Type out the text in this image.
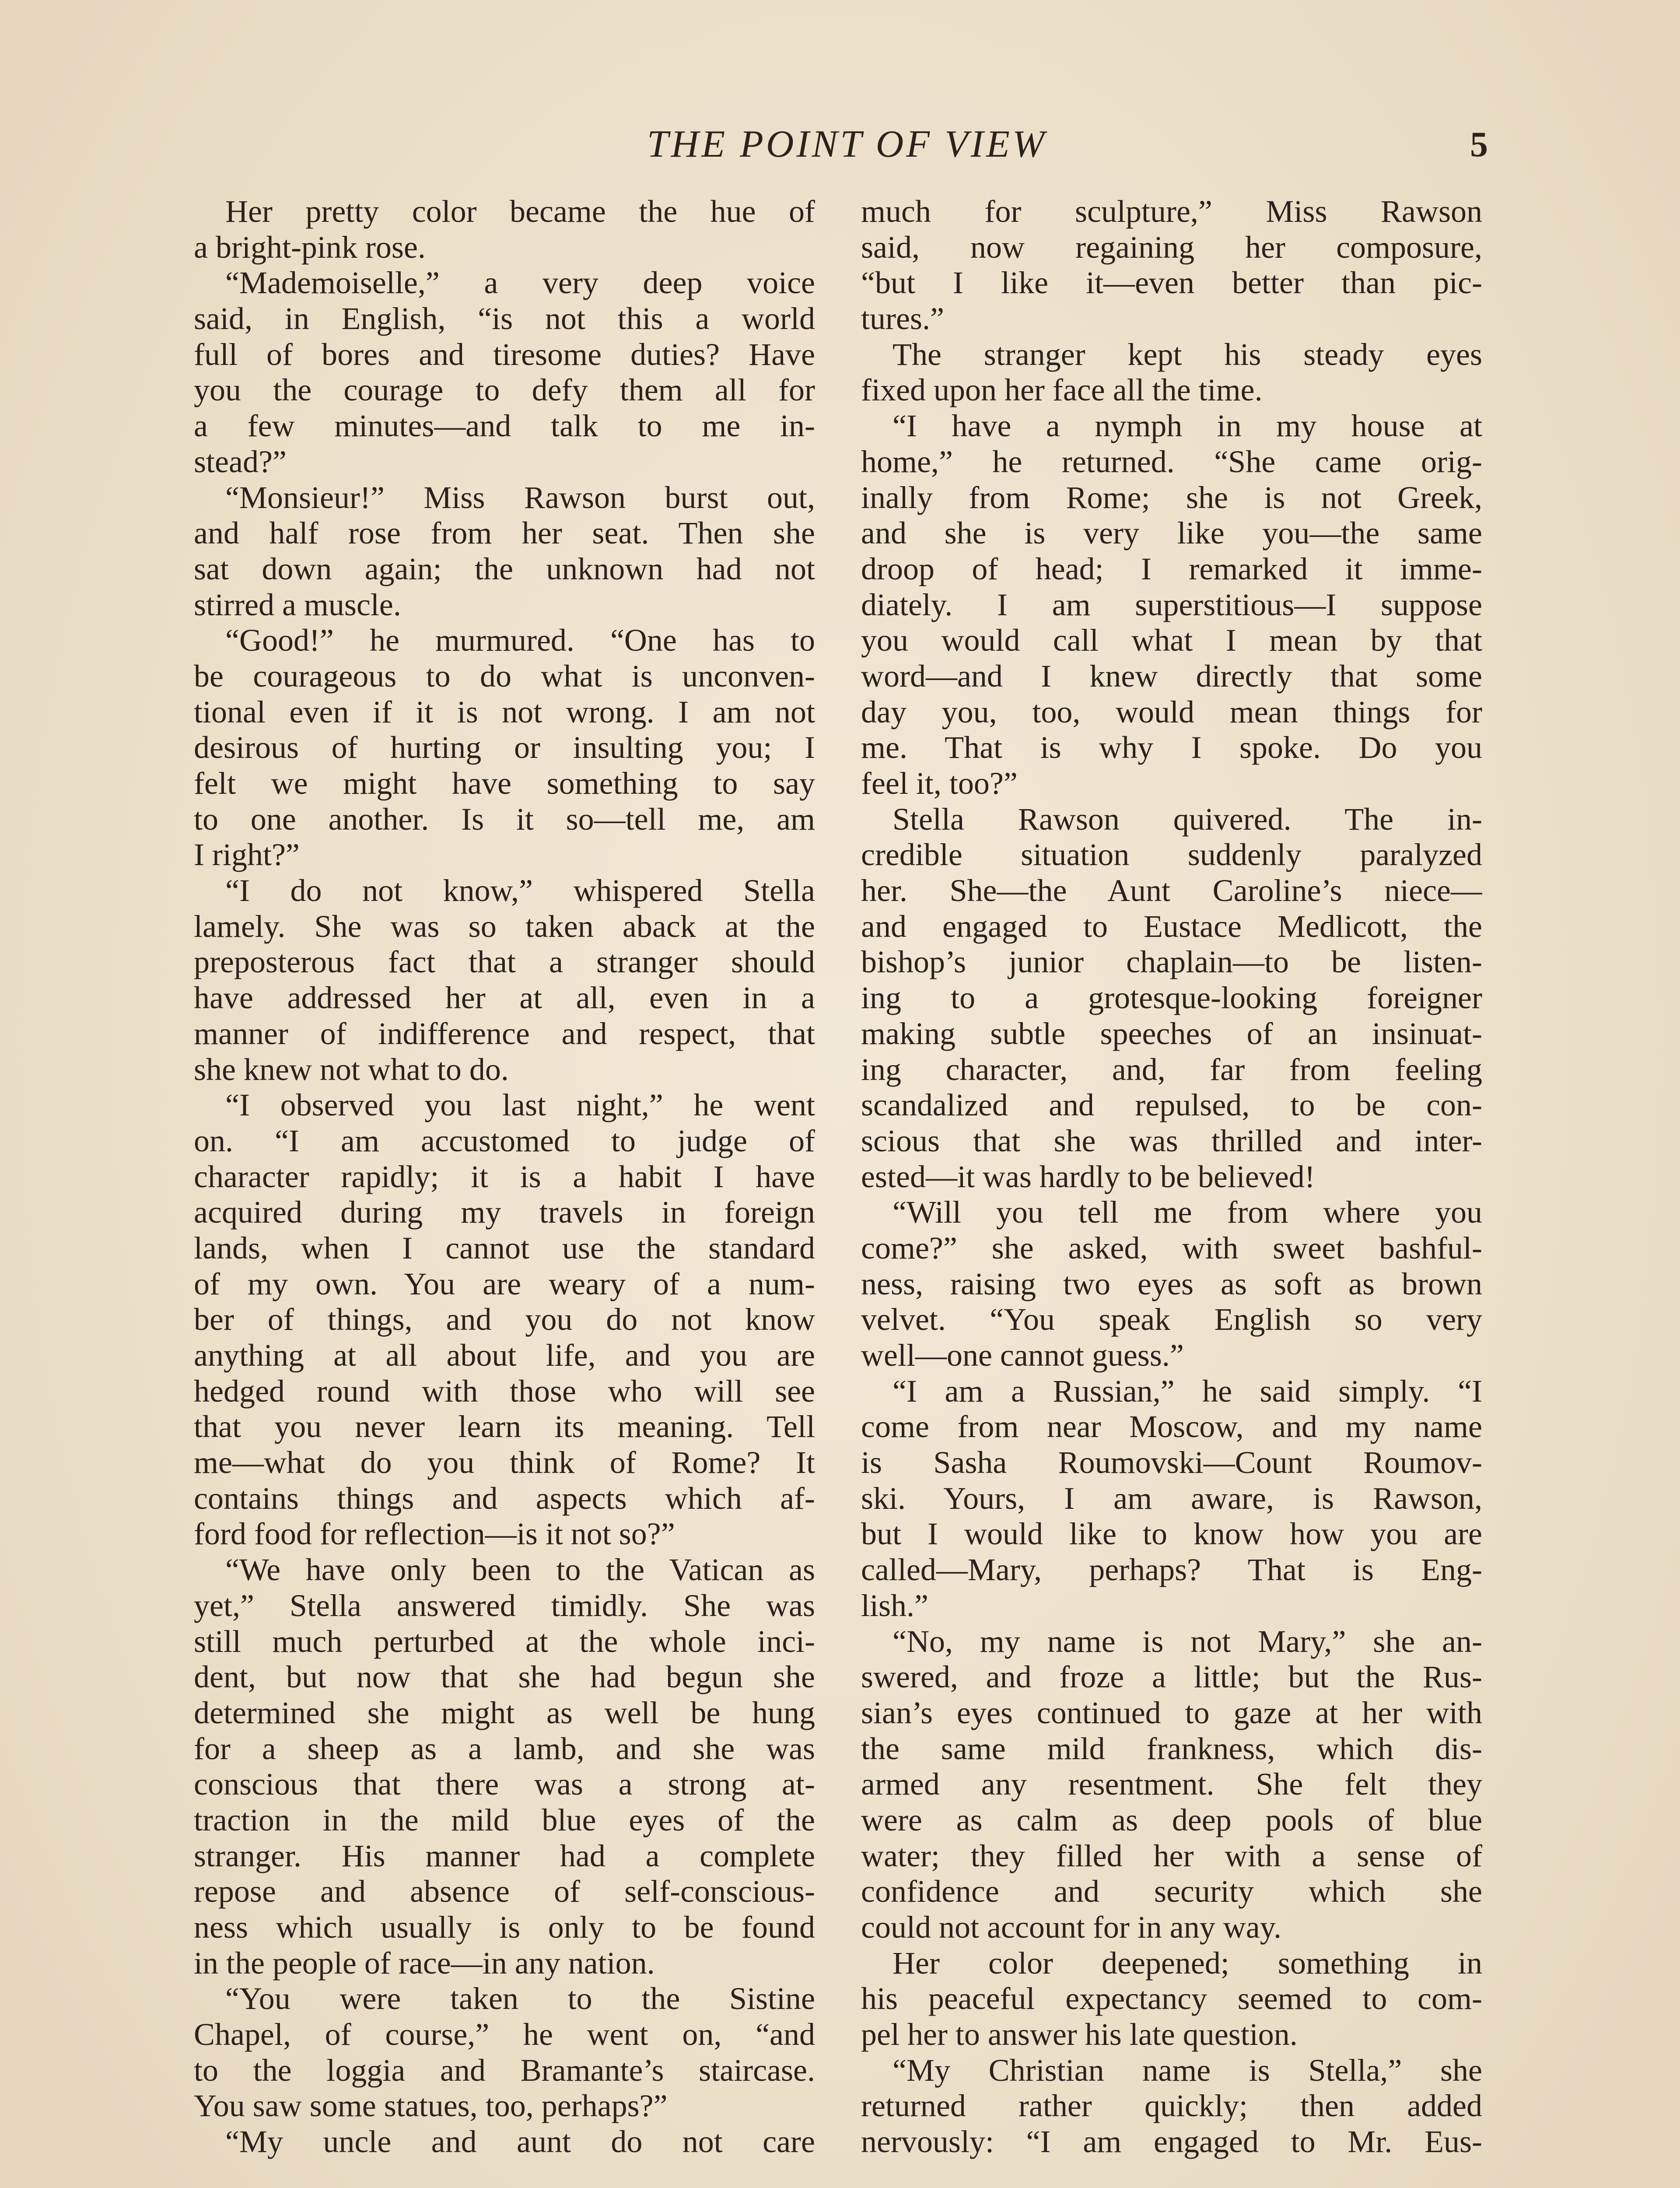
THE POINT OF VIEW	5
Her pretty color became the hue of
a bright-pink rose.
“Mademoiselle,” a very deep voice
said, in English, “is not this a world
full of bores and tiresome duties? Have
you the courage to defy them all for
a few minutes—and talk to me in-
stead?”
“Monsieur!” Miss Rawson burst out,
and half rose from her seat. Then she
sat down again; the unknown had not
stirred a muscle.
“Good!” he murmured. “One has to
be courageous to do what is unconven-
tional even if it is not wrong. I am not
desirous of hurting or insulting you; I
felt we might have something to say
to one another. Is it so—tell me, am
I right?”
“I do not know,” whispered Stella
lamely. She was so taken aback at the
preposterous fact that a stranger should
have addressed her at all, even in a
manner of indifference and respect, that
she knew not what to do.
“I observed you last night,” he went
on. “I am accustomed to judge of
character rapidly; it is a habit I have
acquired during my travels in foreign
lands, when I cannot use the standard
of my own. You are weary of a num-
ber of things, and you do not know
anything at all about life, and you are
hedged round with those who will see
that you never learn its meaning. Tell
me—what do you think of Rome? It
contains things and aspects which af-
ford food for reflection—is it not so?”
“We have only been to the Vatican as
yet,” Stella answered timidly. She was
still much perturbed at the whole inci-
dent, but now that she had begun she
determined she might as well be hung
for a sheep as a lamb, and she was
conscious that there was a strong at-
traction in the mild blue eyes of the
stranger. His manner had a complete
repose and absence of self-conscious-
ness which usually is only to be found
in the people of race—in any nation.
“You were taken to the Sistine
Chapel, of course,” he went on, “and
to the loggia and Bramante’s staircase.
You saw some statues, too, perhaps?”
“My uncle and aunt do not care
much for sculpture,” Miss Rawson
said, now regaining her composure,
“but I like it—even better than pic-
tures.”
The stranger kept his steady eyes
fixed upon her face all the time.
“I have a nymph in my house at
home,” he returned. “She came orig-
inally from Rome; she is not Greek,
and she is very like you—the same
droop of head; I remarked it imme-
diately. I am superstitious—I suppose
you would call what I mean by that
word—and I knew directly that some
day you, too, would mean things for
me. That is why I spoke. Do you
feel it, too?”
Stella Rawson quivered. The in-
credible situation suddenly paralyzed
her. She—the Aunt Caroline’s niece—
and engaged to Eustace Medlicott, the
bishop’s junior chaplain—to be listen-
ing to a grotesque-looking foreigner
making subtle speeches of an insinuat-
ing character, and, far from feeling
scandalized and repulsed, to be con-
scious that she was thrilled and inter-
ested—it was hardly to be believed!
“Will you tell me from where you
come?” she asked, with sweet bashful-
ness, raising two eyes as soft as brown
velvet. “You speak English so very
well—one cannot guess.”
“I am a Russian,” he said simply. “I
come from near Moscow, and my name
is Sasha Roumovski—Count Roumov-
ski. Yours, I am aware, is Rawson,
but I would like to know how you are
called—Mary, perhaps? That is Eng-
lish.”
“No, my name is not Mary,” she an-
swered, and froze a little; but the Rus-
sian’s eyes continued to gaze at her with
the same mild frankness, which dis-
armed any resentment. She felt they
were as calm as deep pools of blue
water; they filled her with a sense of
confidence and security which she
could not account for in any way.
Her color deepened; something in
his peaceful expectancy seemed to com-
pel her to answer his late question.
“My Christian name is Stella,” she
returned rather quickly; then added
nervously: “I am engaged to Mr. Eus-
